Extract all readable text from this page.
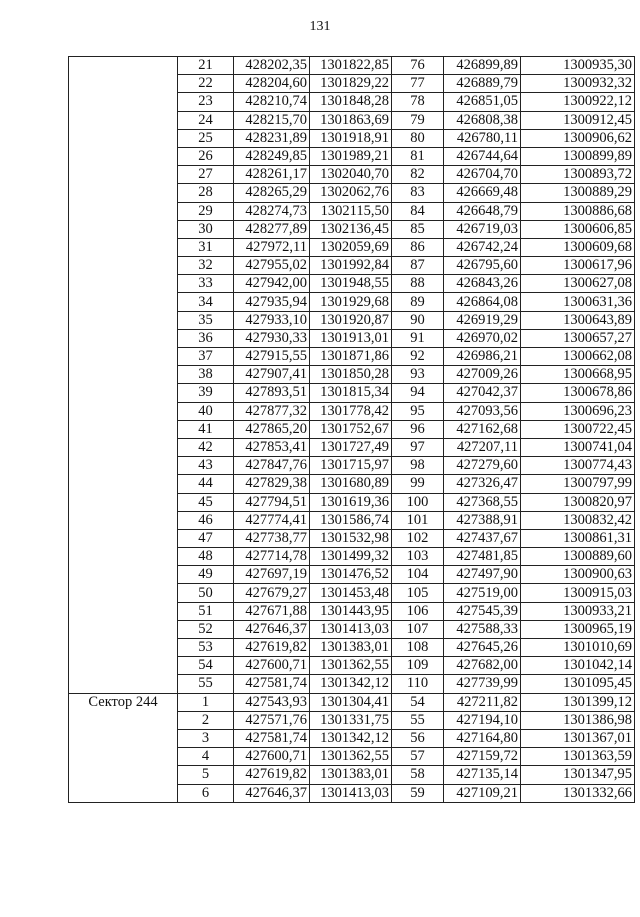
131
	21	428202,35	1301822,85	76	426899,89	1300935,30
	22	428204,60	1301829,22	77	426889,79	1300932,32
	23	428210,74	1301848,28	78	426851,05	1300922,12
	24	428215,70	1301863,69	79	426808,38	1300912,45
	25	428231,89	1301918,91	80	426780,11	1300906,62
	26	428249,85	1301989,21	81	426744,64	1300899,89
	27	428261,17	1302040,70	82	426704,70	1300893,72
	28	428265,29	1302062,76	83	426669,48	1300889,29
	29	428274,73	1302115,50	84	426648,79	1300886,68
	30	428277,89	1302136,45	85	426719,03	1300606,85
	31	427972,11	1302059,69	86	426742,24	1300609,68
	32	427955,02	1301992,84	87	426795,60	1300617,96
	33	427942,00	1301948,55	88	426843,26	1300627,08
	34	427935,94	1301929,68	89	426864,08	1300631,36
	35	427933,10	1301920,87	90	426919,29	1300643,89
	36	427930,33	1301913,01	91	426970,02	1300657,27
	37	427915,55	1301871,86	92	426986,21	1300662,08
	38	427907,41	1301850,28	93	427009,26	1300668,95
	39	427893,51	1301815,34	94	427042,37	1300678,86
	40	427877,32	1301778,42	95	427093,56	1300696,23
	41	427865,20	1301752,67	96	427162,68	1300722,45
	42	427853,41	1301727,49	97	427207,11	1300741,04
	43	427847,76	1301715,97	98	427279,60	1300774,43
	44	427829,38	1301680,89	99	427326,47	1300797,99
	45	427794,51	1301619,36	100	427368,55	1300820,97
	46	427774,41	1301586,74	101	427388,91	1300832,42
	47	427738,77	1301532,98	102	427437,67	1300861,31
	48	427714,78	1301499,32	103	427481,85	1300889,60
	49	427697,19	1301476,52	104	427497,90	1300900,63
	50	427679,27	1301453,48	105	427519,00	1300915,03
	51	427671,88	1301443,95	106	427545,39	1300933,21
	52	427646,37	1301413,03	107	427588,33	1300965,19
	53	427619,82	1301383,01	108	427645,26	1301010,69
	54	427600,71	1301362,55	109	427682,00	1301042,14
	55	427581,74	1301342,12	110	427739,99	1301095,45
Сектор 244	1	427543,93	1301304,41	54	427211,82	1301399,12
	2	427571,76	1301331,75	55	427194,10	1301386,98
	3	427581,74	1301342,12	56	427164,80	1301367,01
	4	427600,71	1301362,55	57	427159,72	1301363,59
	5	427619,82	1301383,01	58	427135,14	1301347,95
	6	427646,37	1301413,03	59	427109,21	1301332,66
